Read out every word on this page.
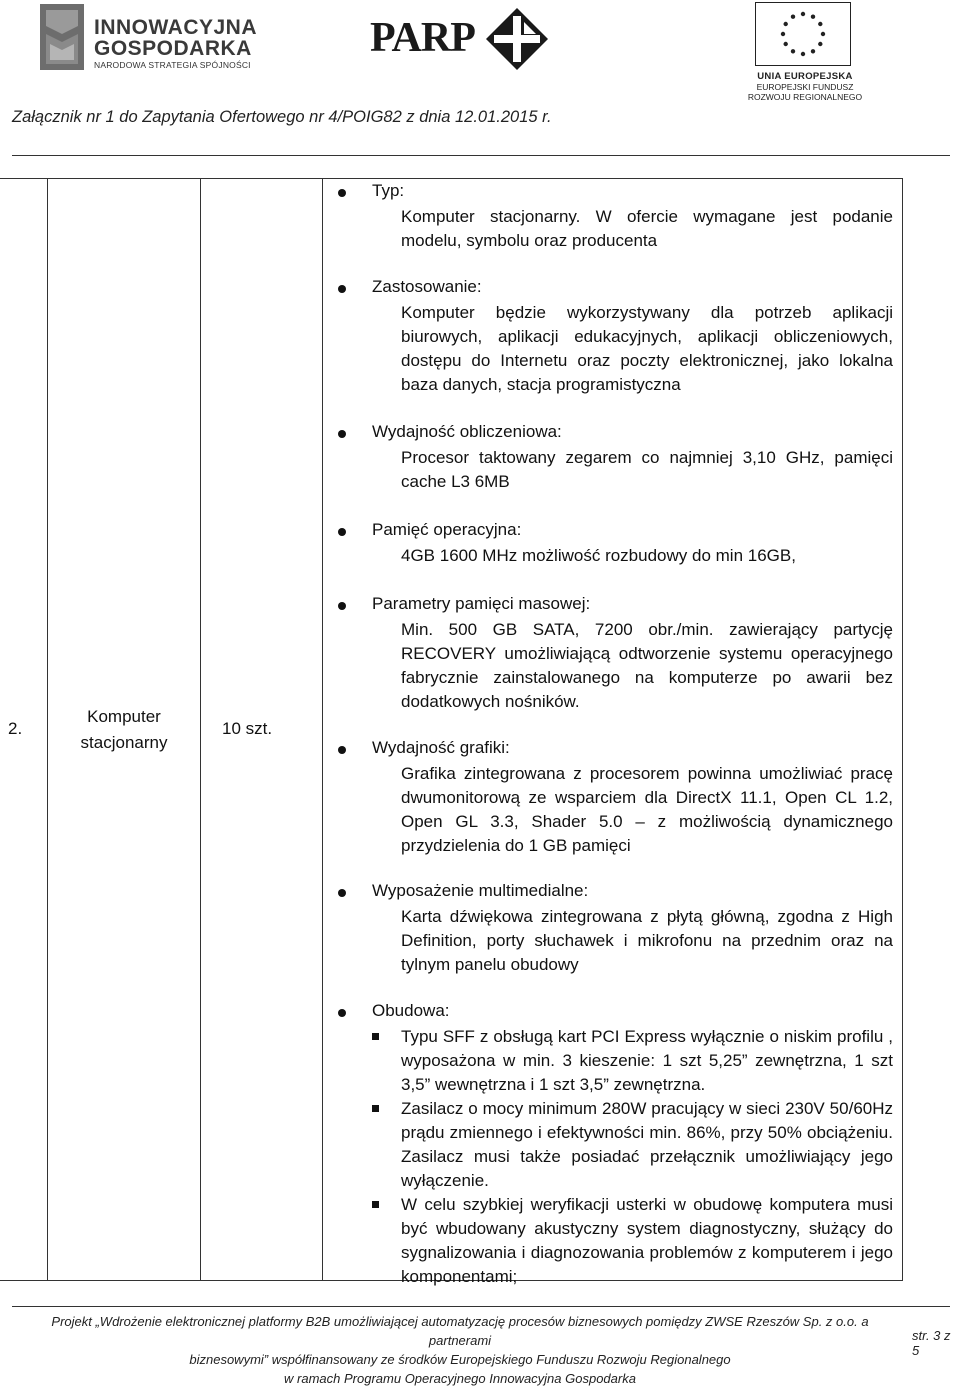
INNOWACYJNA
GOSPODARKA
NARODOWA STRATEGIA SPÓJNOŚCI
PARP
UNIA EUROPEJSKA
EUROPEJSKI FUNDUSZ
ROZWOJU REGIONALNEGO
Załącznik nr 1 do Zapytania Ofertowego nr 4/POIG82 z dnia 12.01.2015 r.
2.
Komputer stacjonarny
10 szt.
Typ:
Komputer stacjonarny. W ofercie wymagane jest podanie modelu, symbolu oraz producenta
Zastosowanie:
Komputer będzie wykorzystywany dla potrzeb aplikacji biurowych, aplikacji edukacyjnych, aplikacji obliczeniowych, dostępu do Internetu oraz poczty elektronicznej, jako lokalna baza danych, stacja programistyczna
Wydajność obliczeniowa:
Procesor taktowany zegarem co najmniej 3,10 GHz, pamięci cache L3 6MB
Pamięć operacyjna:
4GB 1600 MHz możliwość rozbudowy do min 16GB,
Parametry pamięci masowej:
Min. 500 GB SATA, 7200 obr./min. zawierający partycję RECOVERY umożliwiającą odtworzenie systemu operacyjnego fabrycznie zainstalowanego na komputerze po awarii bez dodatkowych nośników.
Wydajność grafiki:
Grafika zintegrowana z procesorem powinna umożliwiać pracę dwumonitorową ze wsparciem dla DirectX 11.1, Open CL 1.2, Open GL 3.3, Shader 5.0 – z możliwością dynamicznego przydzielenia do 1 GB pamięci
Wyposażenie multimedialne:
Karta dźwiękowa zintegrowana z płytą główną, zgodna z High Definition, porty słuchawek i mikrofonu na przednim oraz na tylnym panelu obudowy
Obudowa:
Typu SFF z obsługą kart PCI Express wyłącznie o niskim profilu , wyposażona w min. 3 kieszenie: 1 szt 5,25” zewnętrzna, 1 szt 3,5” wewnętrzna i 1 szt 3,5” zewnętrzna.
Zasilacz o mocy minimum 280W pracujący w sieci 230V 50/60Hz prądu zmiennego i efektywności min. 86%, przy 50% obciążeniu. Zasilacz musi także posiadać przełącznik umożliwiający jego wyłączenie.
W celu szybkiej weryfikacji usterki w obudowę komputera musi być wbudowany akustyczny system diagnostyczny, służący do sygnalizowania i diagnozowania problemów z komputerem i jego komponentami;
Projekt „Wdrożenie elektronicznej platformy B2B umożliwiającej automatyzację procesów biznesowych pomiędzy ZWSE Rzeszów Sp. z o.o. a partnerami
biznesowymi” współfinansowany ze środków Europejskiego Funduszu Rozwoju Regionalnego
w ramach Programu Operacyjnego Innowacyjna Gospodarka
str. 3 z 5
